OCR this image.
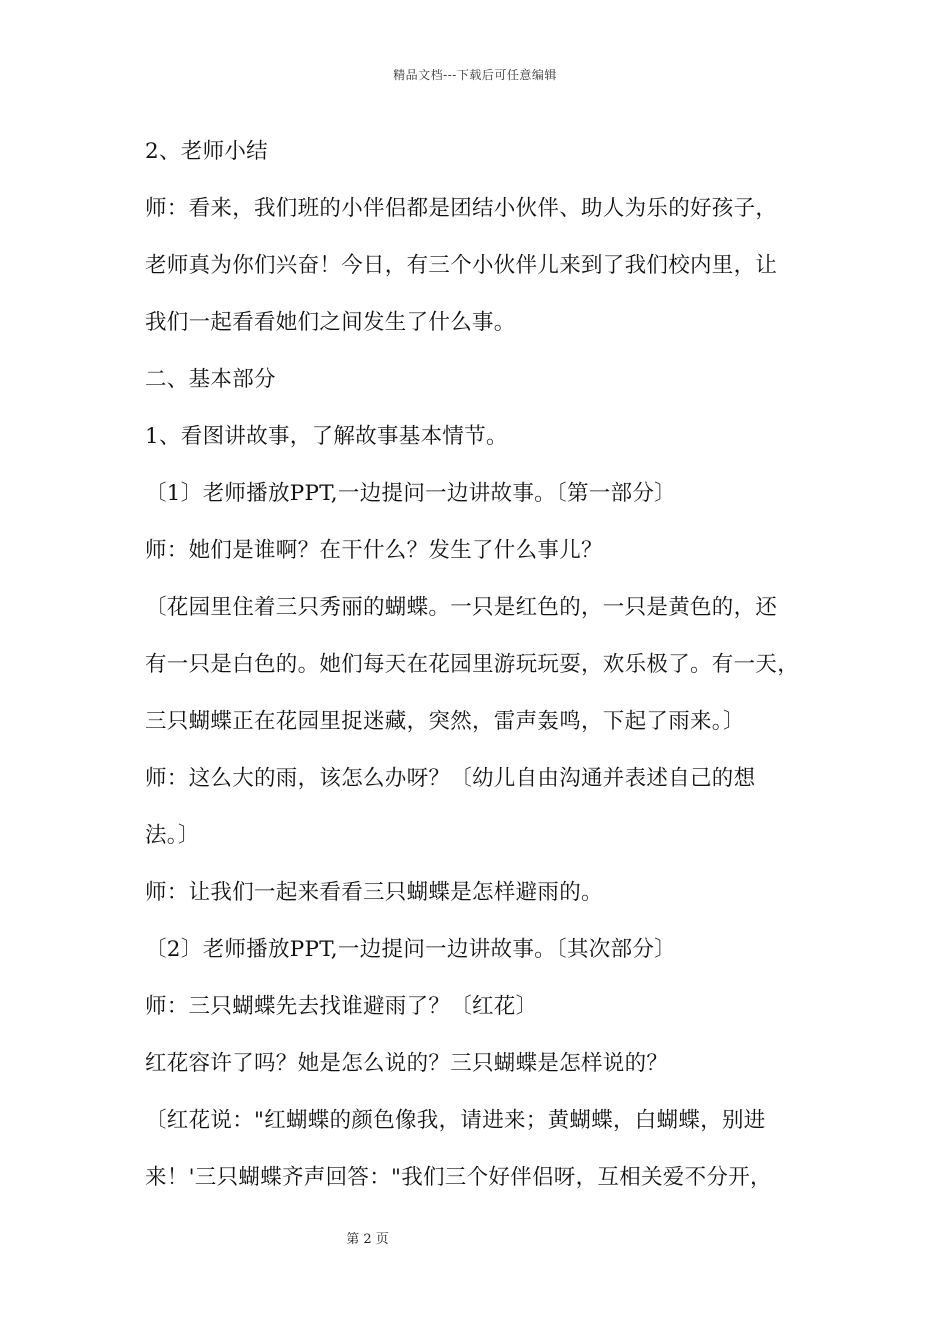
精品文档---下载后可任意编辑
2、老师小结
师：看来，我们班的小伴侣都是团结小伙伴、助人为乐的好孩子，
老师真为你们兴奋！今日，有三个小伙伴儿来到了我们校内里，让
我们一起看看她们之间发生了什么事。
二、基本部分
1、看图讲故事，了解故事基本情节。
〔1〕老师播放PPT,一边提问一边讲故事。〔第一部分〕
师：她们是谁啊？在干什么？发生了什么事儿？
〔花园里住着三只秀丽的蝴蝶。一只是红色的，一只是黄色的，还
有一只是白色的。她们每天在花园里游玩玩耍，欢乐极了。有一天，
三只蝴蝶正在花园里捉迷藏，突然，雷声轰鸣，下起了雨来。〕
师：这么大的雨，该怎么办呀？〔幼儿自由沟通并表述自己的想
法。〕
师：让我们一起来看看三只蝴蝶是怎样避雨的。
〔2〕老师播放PPT,一边提问一边讲故事。〔其次部分〕
师：三只蝴蝶先去找谁避雨了？〔红花〕
红花容许了吗？她是怎么说的？三只蝴蝶是怎样说的？
〔红花说："红蝴蝶的颜色像我，请进来；黄蝴蝶，白蝴蝶，别进
来！'三只蝴蝶齐声回答："我们三个好伴侣呀，互相关爱不分开，
第 2 页
